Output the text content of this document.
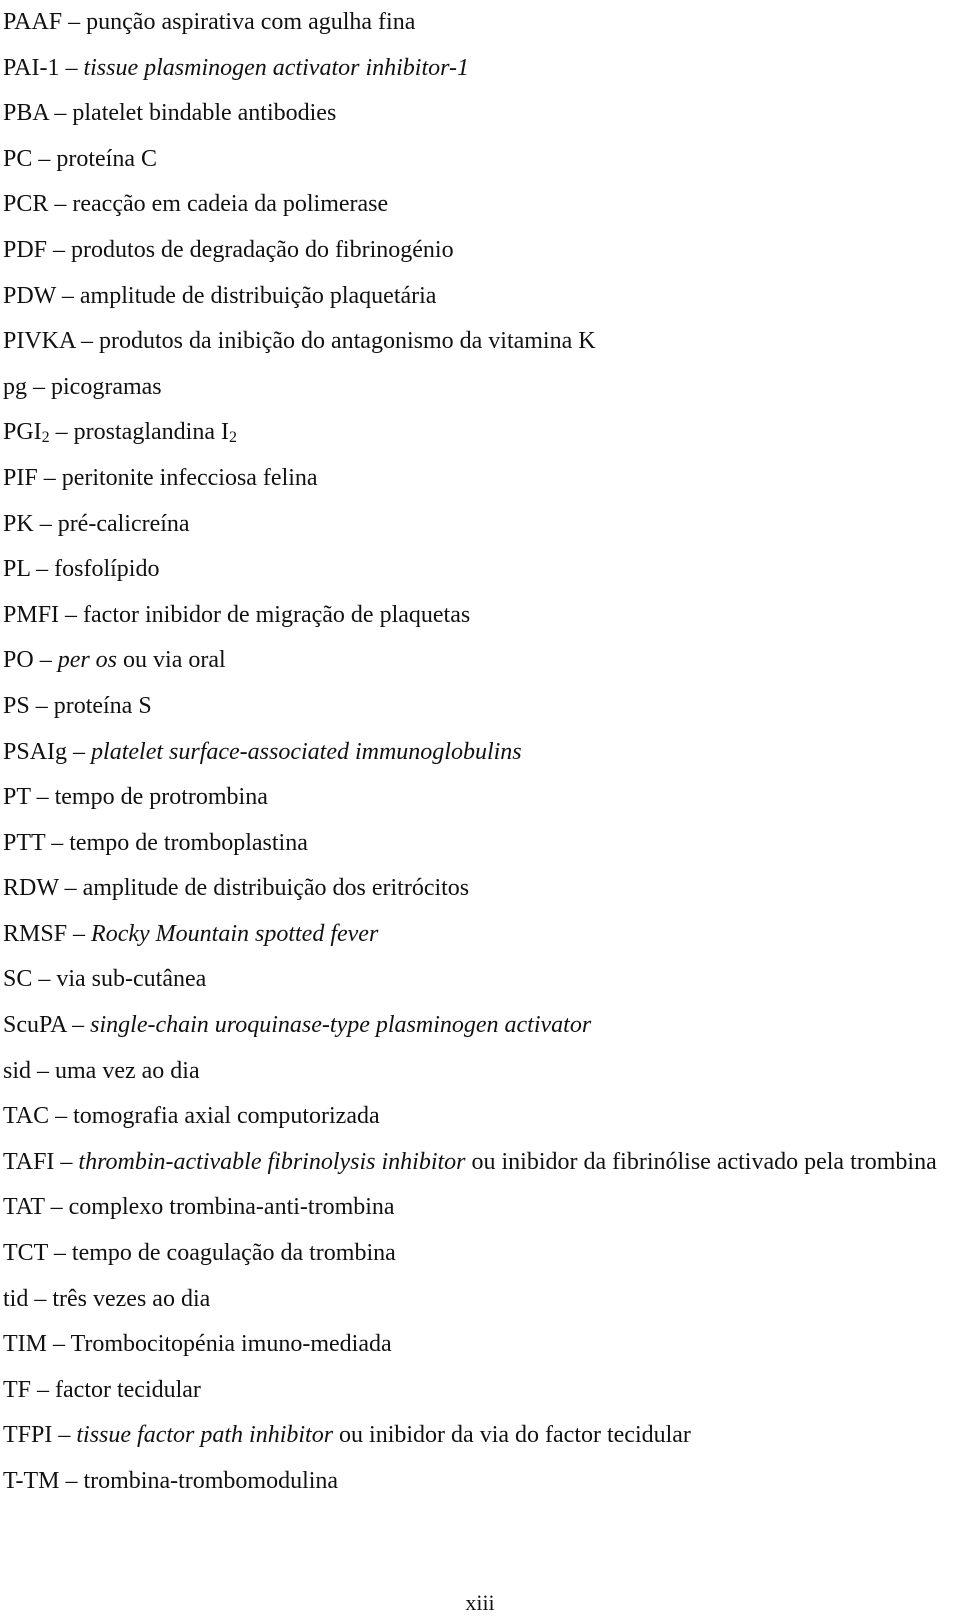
PAAF – punção aspirativa com agulha fina

PAI-1 – tissue plasminogen activator inhibitor-1

PBA – platelet bindable antibodies

PC – proteína C

PCR – reacção em cadeia da polimerase

PDF – produtos de degradação do fibrinogénio

PDW – amplitude de distribuição plaquetária

PIVKA – produtos da inibição do antagonismo da vitamina K

pg – picogramas

$PGI_2$ – prostaglandina $I_2$

PIF – peritonite infecciosa felina

PK – pré-calicreína

PL – fosfolípido

PMFI – factor inibidor de migração de plaquetas

PO – per os ou via oral

PS – proteína S

PSAIg – platelet surface-associated immunoglobulins

PT – tempo de protrombina

PTT – tempo de tromboplastina

RDW – amplitude de distribuição dos eritrócitos

RMSF – Rocky Mountain spotted fever

SC – via sub-cutânea

ScuPA – single-chain uroquinase-type plasminogen activator

sid – uma vez ao dia

TAC – tomografia axial computorizada

TAFI – thrombin-activable fibrinolysis inhibitor ou inibidor da fibrinólise activado pela trombina

TAT – complexo trombina-anti-trombina

TCT – tempo de coagulação da trombina

tid – três vezes ao dia

TIM – Trombocitopénia imuno-mediada

TF – factor tecidular

TFPI – tissue factor path inhibitor ou inibidor da via do factor tecidular

T-TM – trombina-trombomodulina

xiii
